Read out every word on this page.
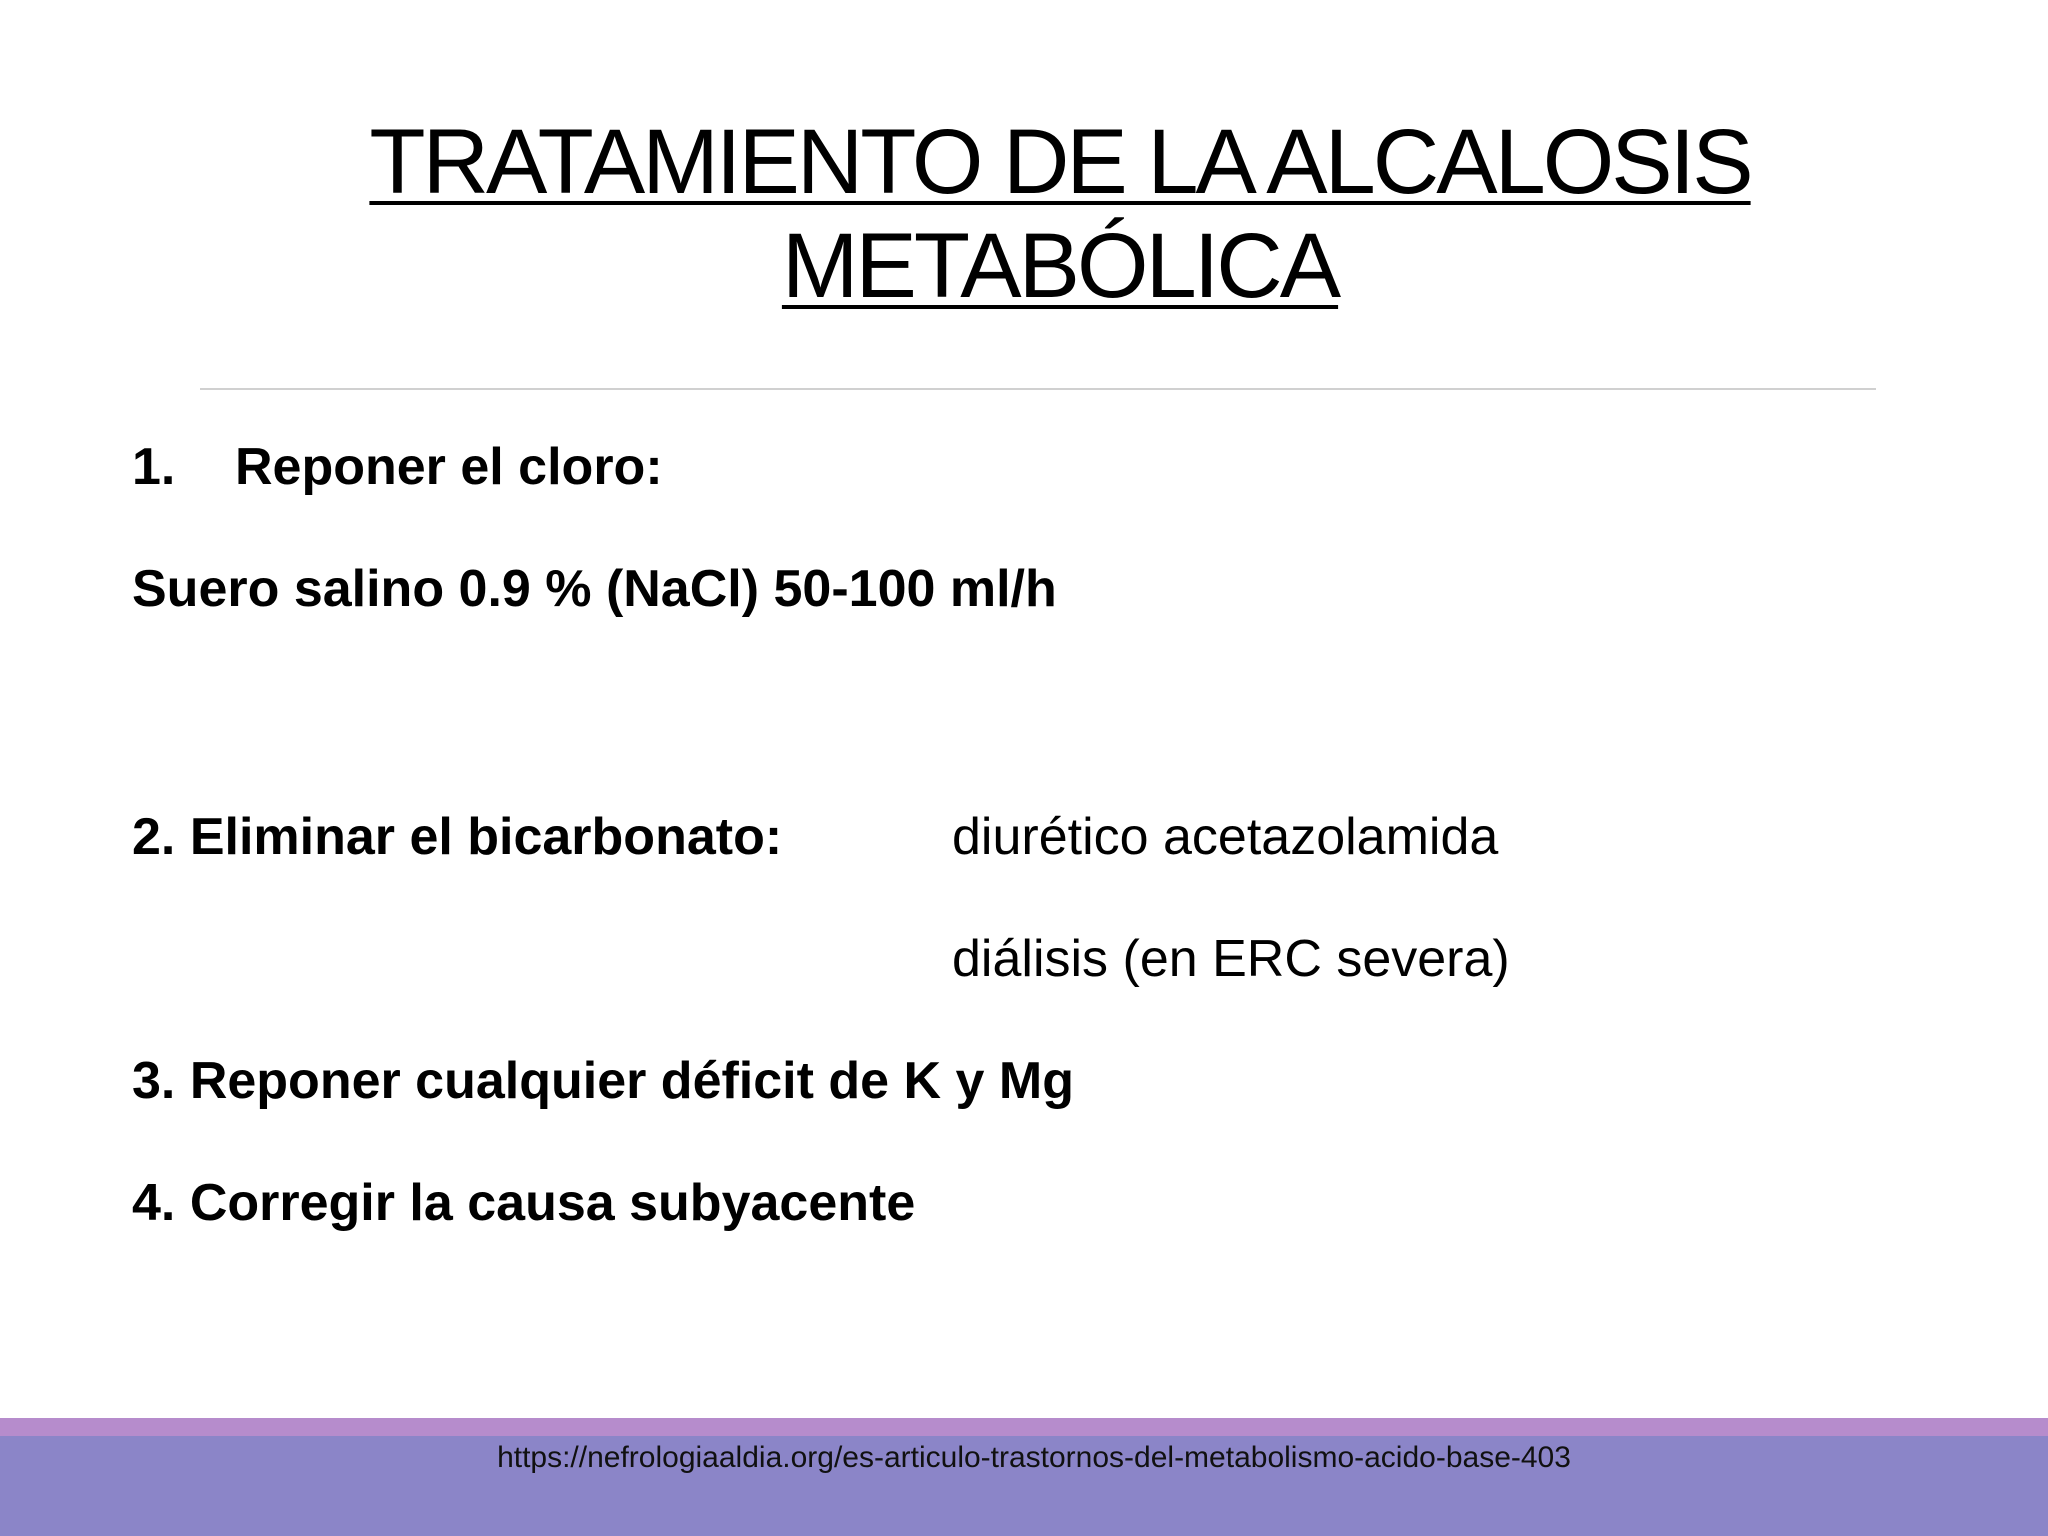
TRATAMIENTO DE LA ALCALOSIS
METABÓLICA
1. Reponer el cloro:
Suero salino 0.9 % (NaCl) 50-100 ml/h
2. Eliminar el bicarbonato:	diurético acetazolamida
diálisis (en ERC severa)
3. Reponer cualquier déficit de K y Mg
4. Corregir la causa subyacente
https://nefrologiaaldia.org/es-articulo-trastornos-del-metabolismo-acido-base-403
